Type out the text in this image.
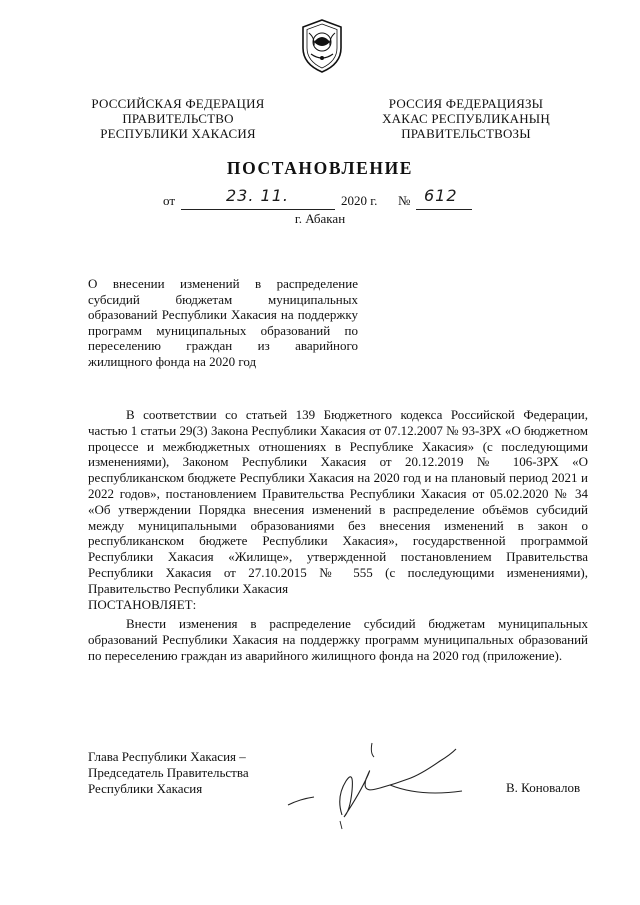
РОССИЙСКАЯ ФЕДЕРАЦИЯ
ПРАВИТЕЛЬСТВО
РЕСПУБЛИКИ ХАКАСИЯ
РОССИЯ ФЕДЕРАЦИЯЗЫ
ХАКАС РЕСПУБЛИКАНЫҢ
ПРАВИТЕЛЬСТВОЗЫ
ПОСТАНОВЛЕНИЕ
от	23. 11.	2020 г. № 612
г. Абакан
О внесении изменений в распределение субсидий бюджетам муниципальных образований Республики Хакасия на поддержку программ муниципальных образований по переселению граждан из аварийного жилищного фонда на 2020 год
В соответствии со статьей 139 Бюджетного кодекса Российской Федерации, частью 1 статьи 29(3) Закона Республики Хакасия от 07.12.2007 № 93-ЗРХ «О бюджетном процессе и межбюджетных отношениях в Республике Хакасия» (с последующими изменениями), Законом Республики Хакасия от 20.12.2019 № 106-ЗРХ «О республиканском бюджете Республики Хакасия на 2020 год и на плановый период 2021 и 2022 годов», постановлением Правительства Республики Хакасия от 05.02.2020 № 34 «Об утверждении Порядка внесения изменений в распределение объёмов субсидий между муниципальными образованиями без внесения изменений в закон о республиканском бюджете Республики Хакасия», государственной программой Республики Хакасия «Жилище», утвержденной постановлением Правительства Республики Хакасия от 27.10.2015 № 555 (с последующими изменениями), Правительство Республики Хакасия
ПОСТАНОВЛЯЕТ:
Внести изменения в распределение субсидий бюджетам муниципальных образований Республики Хакасия на поддержку программ муниципальных образований по переселению граждан из аварийного жилищного фонда на 2020 год (приложение).
Глава Республики Хакасия –
Председатель Правительства
Республики Хакасия	В. Коновалов
